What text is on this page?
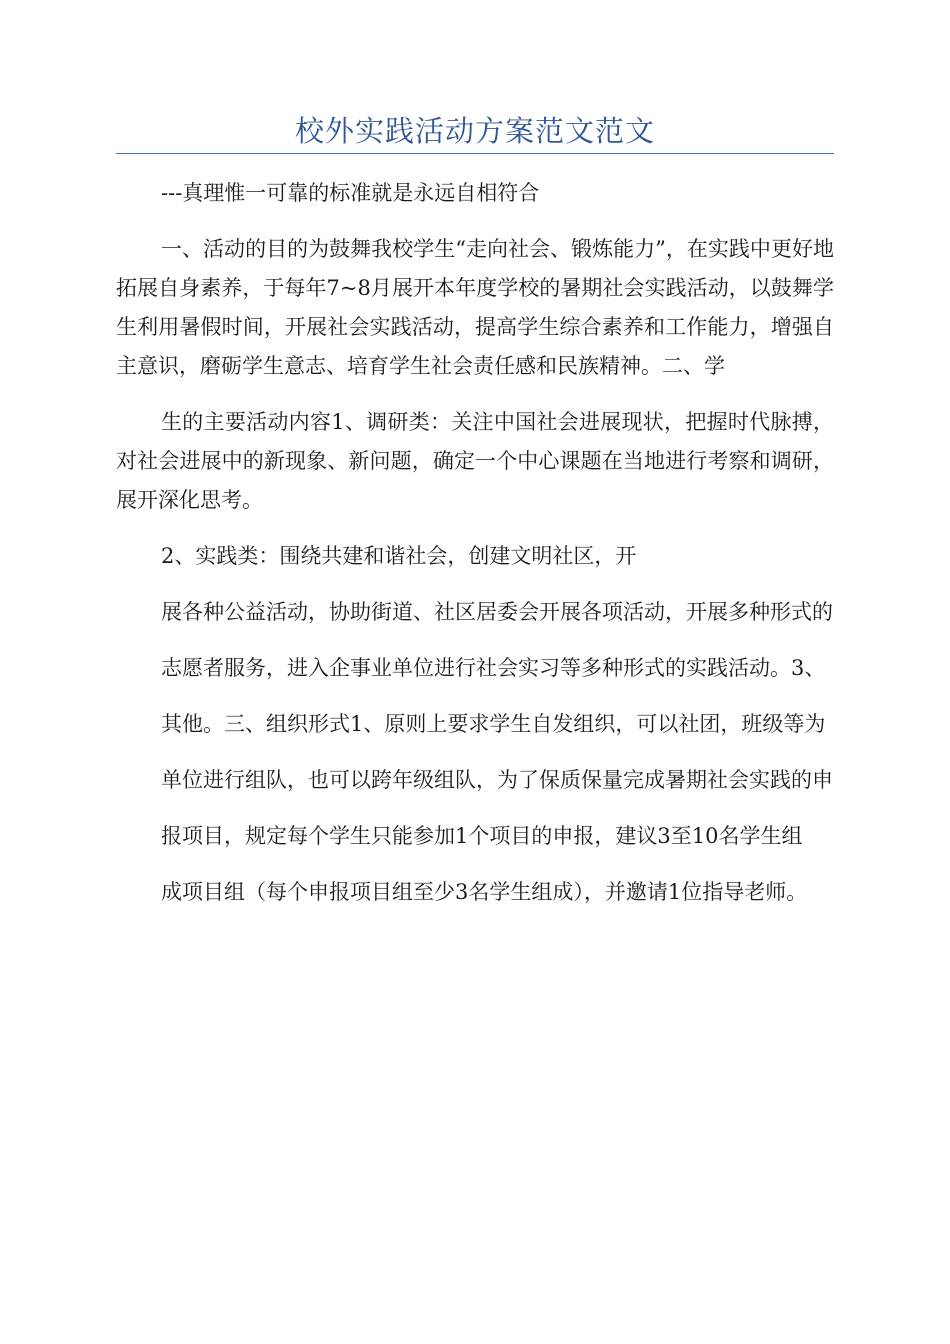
校外实践活动方案范文范文

---真理惟一可靠的标准就是永远自相符合

一、活动的目的为鼓舞我校学生“走向社会、锻炼能力”，在实践中更好地拓展自身素养，于每年7~8月展开本年度学校的暑期社会实践活动，以鼓舞学生利用暑假时间，开展社会实践活动，提高学生综合素养和工作能力，增强自主意识，磨砺学生意志、培育学生社会责任感和民族精神。二、学

生的主要活动内容1、调研类：关注中国社会进展现状，把握时代脉搏，对社会进展中的新现象、新问题，确定一个中心课题在当地进行考察和调研，展开深化思考。

2、实践类：围绕共建和谐社会，创建文明社区，开

展各种公益活动，协助街道、社区居委会开展各项活动，开展多种形式的

志愿者服务，进入企事业单位进行社会实习等多种形式的实践活动。3、

其他。三、组织形式1、原则上要求学生自发组织，可以社团，班级等为

单位进行组队，也可以跨年级组队，为了保质保量完成暑期社会实践的申

报项目，规定每个学生只能参加1个项目的申报，建议3至10名学生组

成项目组（每个申报项目组至少3名学生组成），并邀请1位指导老师。
